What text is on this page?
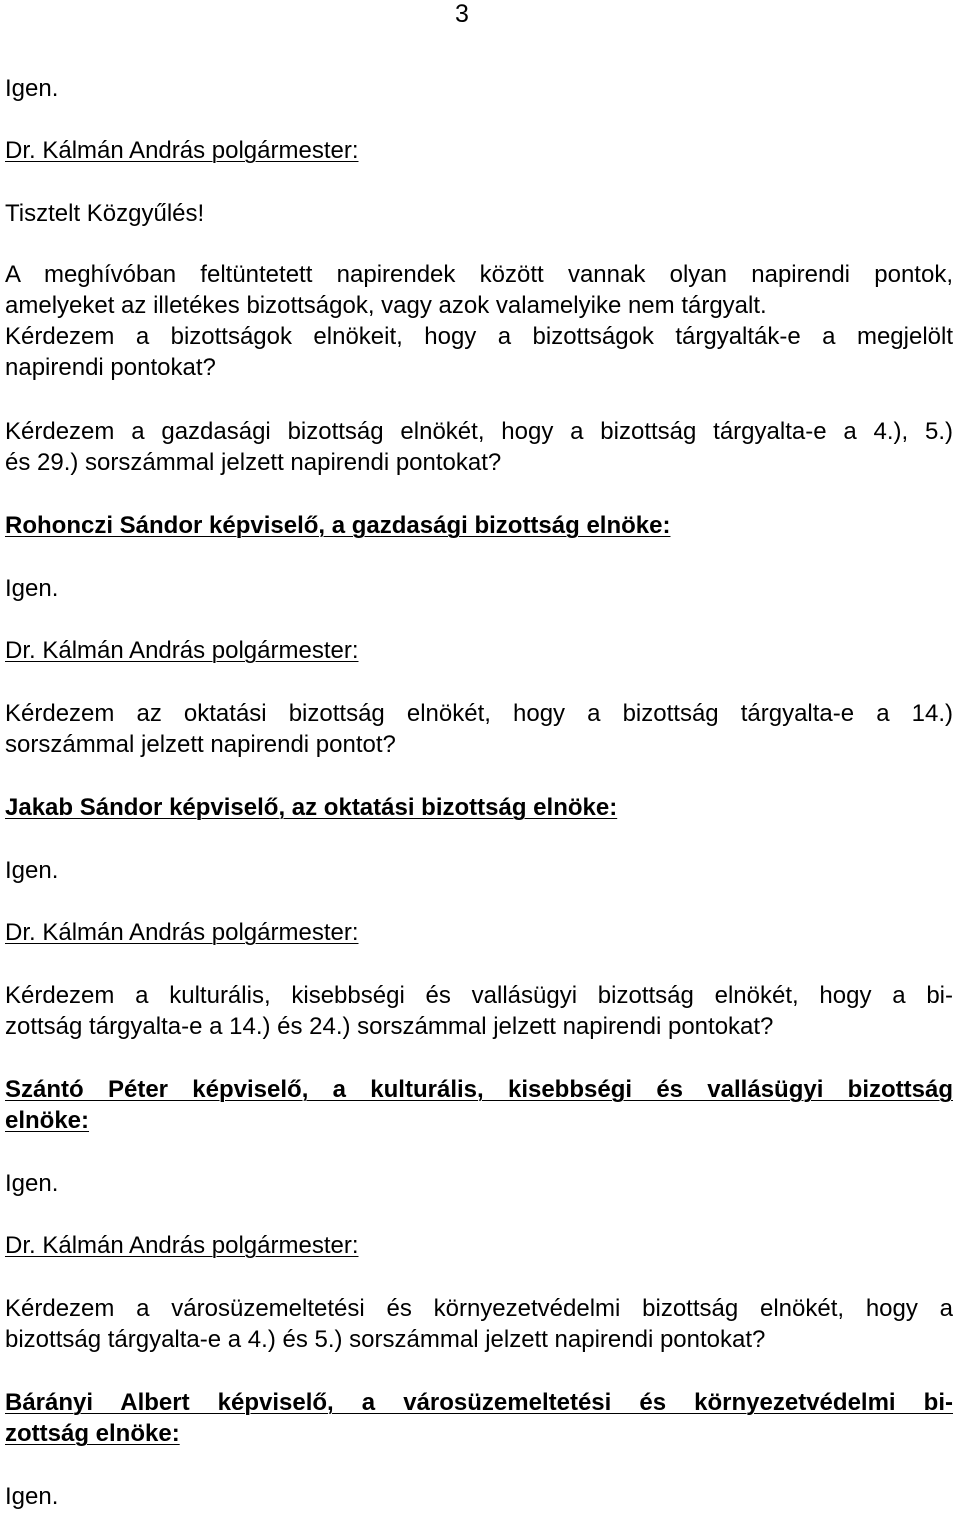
3
Igen.
Dr. Kálmán András polgármester:
Tisztelt Közgyűlés!
A meghívóban feltüntetett napirendek között vannak olyan napirendi pontok,
amelyeket az illetékes bizottságok, vagy azok valamelyike nem tárgyalt.
Kérdezem a bizottságok elnökeit, hogy a bizottságok tárgyalták-e a megjelölt
napirendi pontokat?
Kérdezem a gazdasági bizottság elnökét, hogy a bizottság tárgyalta-e a 4.), 5.)
és 29.) sorszámmal jelzett napirendi pontokat?
Rohonczi Sándor képviselő, a gazdasági bizottság elnöke:
Igen.
Dr. Kálmán András polgármester:
Kérdezem az oktatási bizottság elnökét, hogy a bizottság tárgyalta-e a 14.)
sorszámmal jelzett napirendi pontot?
Jakab Sándor képviselő, az oktatási bizottság elnöke:
Igen.
Dr. Kálmán András polgármester:
Kérdezem a kulturális, kisebbségi és vallásügyi bizottság elnökét, hogy a bi-
zottság tárgyalta-e a 14.) és 24.) sorszámmal jelzett napirendi pontokat?
Szántó Péter képviselő, a kulturális, kisebbségi és vallásügyi bizottság
elnöke:
Igen.
Dr. Kálmán András polgármester:
Kérdezem a városüzemeltetési és környezetvédelmi bizottság elnökét, hogy a
bizottság tárgyalta-e a 4.) és 5.) sorszámmal jelzett napirendi pontokat?
Bárányi Albert képviselő, a városüzemeltetési és környezetvédelmi bi-
zottság elnöke:
Igen.
